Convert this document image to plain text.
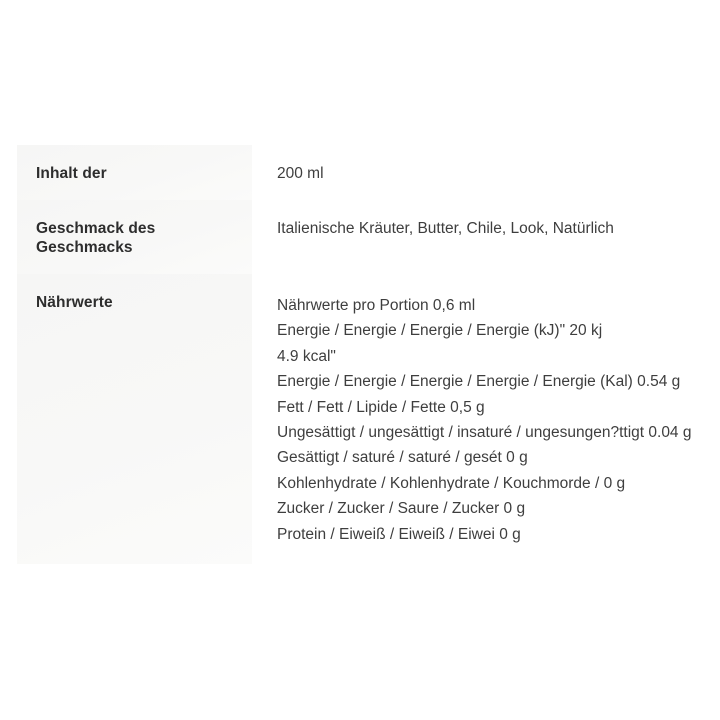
Inhalt der	200 ml
Geschmack des Geschmacks
Italienische Kräuter, Butter, Chile, Look, Natürlich
Nährwerte	Nährwerte pro Portion 0,6 ml
Energie / Energie / Energie / Energie (kJ)" 20 kj
4.9 kcal"
Energie / Energie / Energie / Energie / Energie (Kal) 0.54 g
Fett / Fett / Lipide / Fette 0,5 g
Ungesättigt / ungesättigt / insaturé / ungesungen?ttigt 0.04 g
Gesättigt / saturé / saturé / gesét 0 g
Kohlenhydrate / Kohlenhydrate / Kouchmorde / 0 g
Zucker / Zucker / Saure / Zucker 0 g
Protein / Eiweiß / Eiweiß / Eiwei 0 g
